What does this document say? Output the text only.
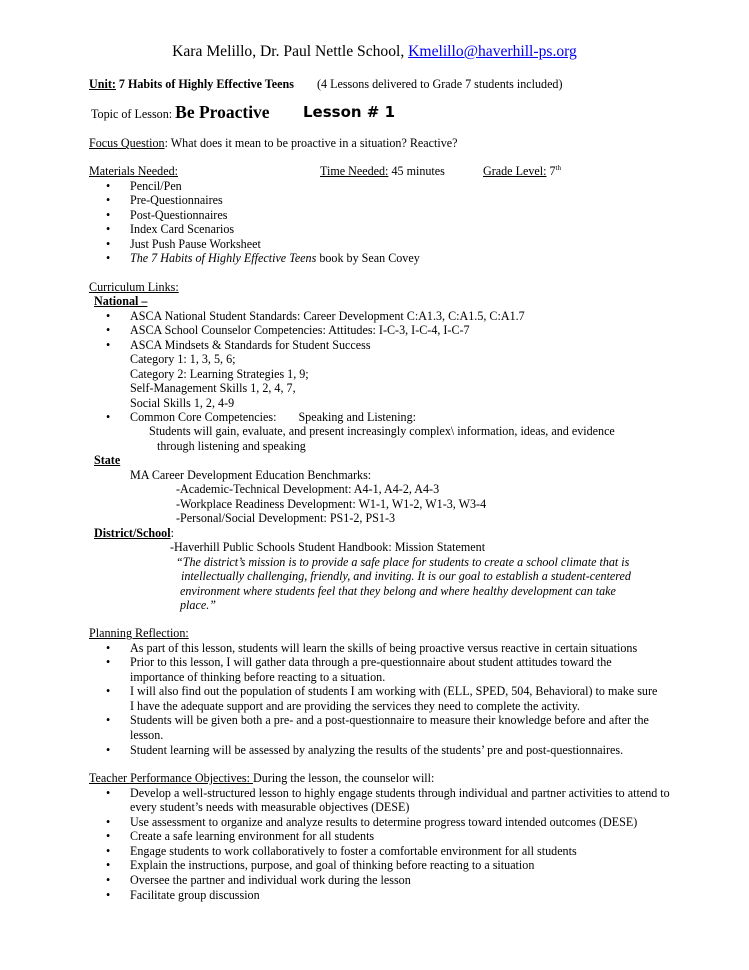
Kara Melillo, Dr. Paul Nettle School, Kmelillo@haverhill-ps.org
Unit: 7 Habits of Highly Effective Teens (4 Lessons delivered to Grade 7 students included)
Topic of Lesson: Be Proactive Lesson # 1
Focus Question: What does it mean to be proactive in a situation? Reactive?
Materials Needed:	Time Needed: 45 minutes	Grade Level: 7th
• Pencil/Pen
• Pre-Questionnaires
• Post-Questionnaires
• Index Card Scenarios
• Just Push Pause Worksheet
• The 7 Habits of Highly Effective Teens book by Sean Covey
Curriculum Links:
National –
• ASCA National Student Standards: Career Development C:A1.3, C:A1.5, C:A1.7
• ASCA School Counselor Competencies: Attitudes: I-C-3, I-C-4, I-C-7
• ASCA Mindsets & Standards for Student Success
Category 1: 1, 3, 5, 6;
Category 2: Learning Strategies 1, 9;
Self-Management Skills 1, 2, 4, 7,
Social Skills 1, 2, 4-9
• Common Core Competencies: Speaking and Listening:
Students will gain, evaluate, and present increasingly complex\ information, ideas, and evidence
through listening and speaking
State
MA Career Development Education Benchmarks:
-Academic-Technical Development: A4-1, A4-2, A4-3
-Workplace Readiness Development: W1-1, W1-2, W1-3, W3-4
-Personal/Social Development: PS1-2, PS1-3
District/School:
-Haverhill Public Schools Student Handbook: Mission Statement
“The district’s mission is to provide a safe place for students to create a school climate that is
intellectually challenging, friendly, and inviting. It is our goal to establish a student-centered
environment where students feel that they belong and where healthy development can take
place.”
Planning Reflection:
• As part of this lesson, students will learn the skills of being proactive versus reactive in certain situations
• Prior to this lesson, I will gather data through a pre-questionnaire about student attitudes toward the importance of thinking before reacting to a situation.
• I will also find out the population of students I am working with (ELL, SPED, 504, Behavioral) to make sure I have the adequate support and are providing the services they need to complete the activity.
• Students will be given both a pre- and a post-questionnaire to measure their knowledge before and after the lesson.
• Student learning will be assessed by analyzing the results of the students’ pre and post-questionnaires.
Teacher Performance Objectives: During the lesson, the counselor will:
• Develop a well-structured lesson to highly engage students through individual and partner activities to attend to every student’s needs with measurable objectives (DESE)
• Use assessment to organize and analyze results to determine progress toward intended outcomes (DESE)
• Create a safe learning environment for all students
• Engage students to work collaboratively to foster a comfortable environment for all students
• Explain the instructions, purpose, and goal of thinking before reacting to a situation
• Oversee the partner and individual work during the lesson
• Facilitate group discussion
